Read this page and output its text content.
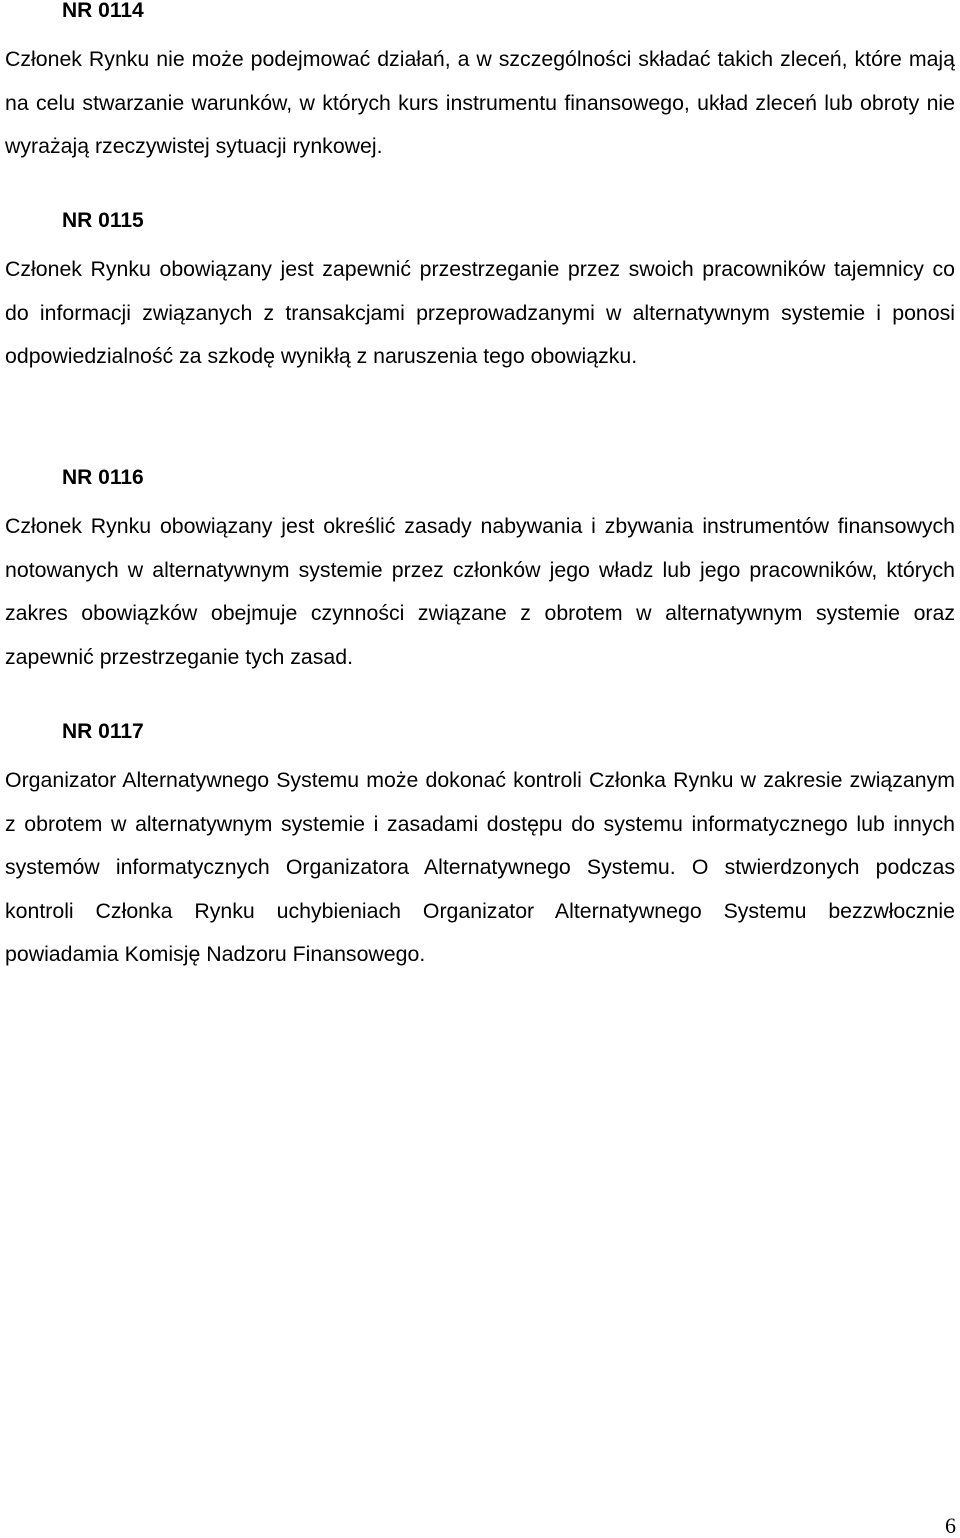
NR 0114

Członek Rynku nie może podejmować działań, a w szczególności składać takich zleceń, które mają na celu stwarzanie warunków, w których kurs instrumentu finansowego, układ zleceń lub obroty nie wyrażają rzeczywistej sytuacji rynkowej.

NR 0115

Członek Rynku obowiązany jest zapewnić przestrzeganie przez swoich pracowników tajemnicy co do informacji związanych z transakcjami przeprowadzanymi w alternatywnym systemie i ponosi odpowiedzialność za szkodę wynikłą z naruszenia tego obowiązku.

NR 0116

Członek Rynku obowiązany jest określić zasady nabywania i zbywania instrumentów finansowych notowanych w alternatywnym systemie przez członków jego władz lub jego pracowników, których zakres obowiązków obejmuje czynności związane z obrotem w alternatywnym systemie oraz zapewnić przestrzeganie tych zasad.

NR 0117

Organizator Alternatywnego Systemu może dokonać kontroli Członka Rynku w zakresie związanym z obrotem w alternatywnym systemie i zasadami dostępu do systemu informatycznego lub innych systemów informatycznych Organizatora Alternatywnego Systemu. O stwierdzonych podczas kontroli Członka Rynku uchybieniach Organizator Alternatywnego Systemu bezzwłocznie powiadamia Komisję Nadzoru Finansowego.

6
